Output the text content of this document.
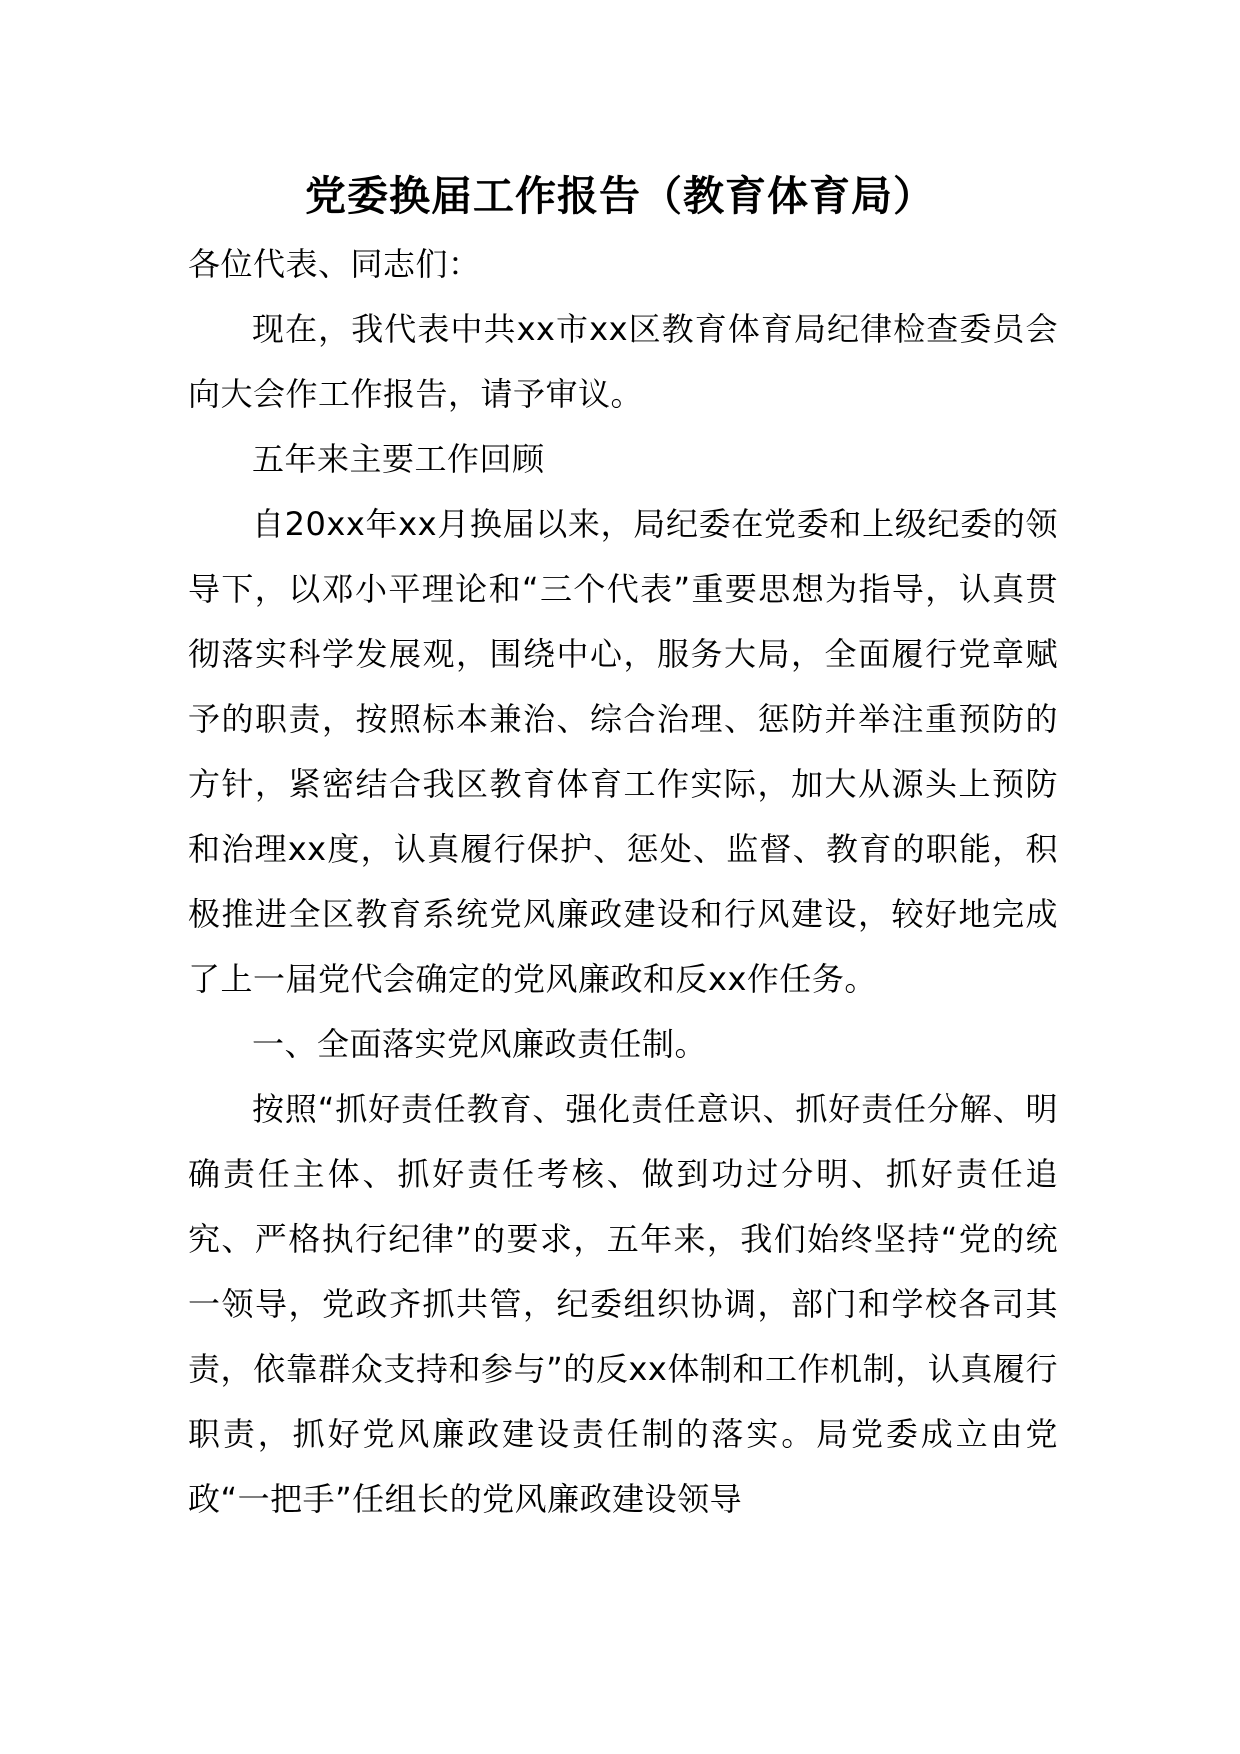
党委换届工作报告（教育体育局）

各位代表、同志们：

现在，我代表中共xx市xx区教育体育局纪律检查委员会向大会作工作报告，请予审议。

五年来主要工作回顾

自20xx年xx月换届以来，局纪委在党委和上级纪委的领导下，以邓小平理论和“三个代表”重要思想为指导，认真贯彻落实科学发展观，围绕中心，服务大局，全面履行党章赋予的职责，按照标本兼治、综合治理、惩防并举注重预防的方针，紧密结合我区教育体育工作实际，加大从源头上预防和治理xx度，认真履行保护、惩处、监督、教育的职能，积极推进全区教育系统党风廉政建设和行风建设，较好地完成了上一届党代会确定的党风廉政和反xx作任务。

一、全面落实党风廉政责任制。

按照“抓好责任教育、强化责任意识、抓好责任分解、明确责任主体、抓好责任考核、做到功过分明、抓好责任追究、严格执行纪律”的要求，五年来，我们始终坚持“党的统一领导，党政齐抓共管，纪委组织协调，部门和学校各司其责，依靠群众支持和参与”的反xx体制和工作机制，认真履行职责，抓好党风廉政建设责任制的落实。局党委成立由党政“一把手”任组长的党风廉政建设领导
